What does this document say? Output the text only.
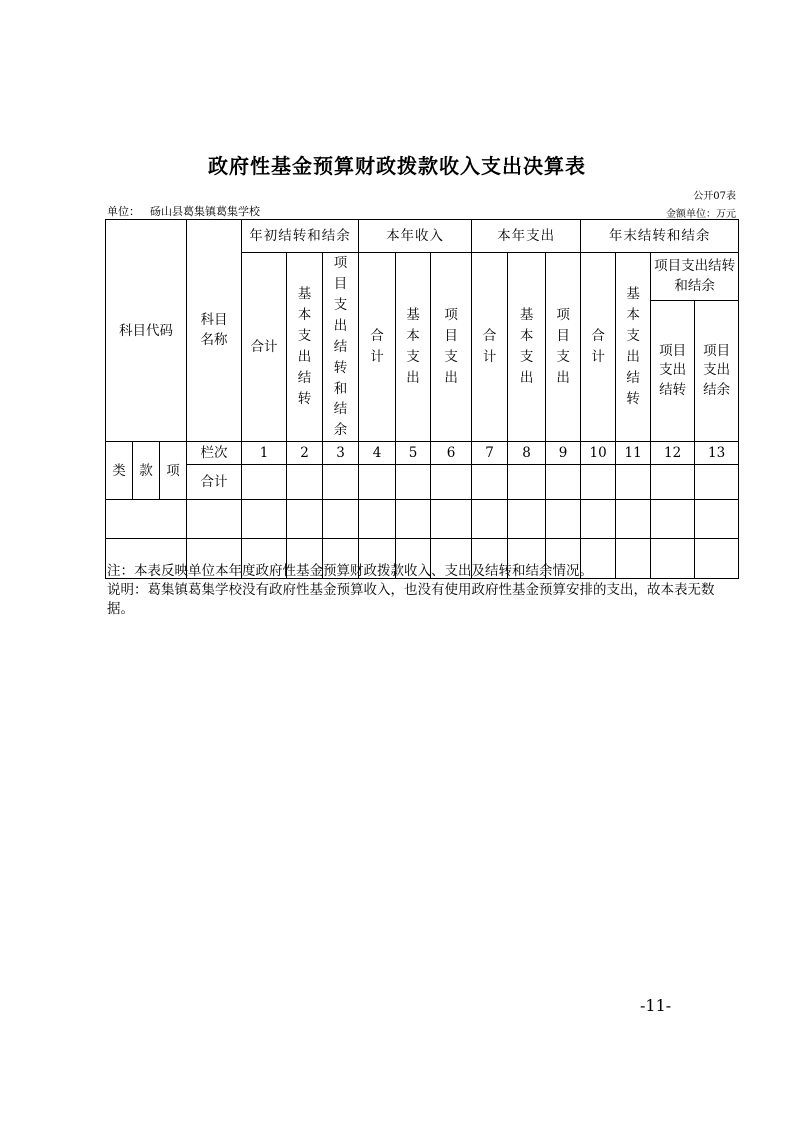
政府性基金预算财政拨款收入支出决算表
公开07表
单位： 砀山县葛集镇葛集学校	金额单位：万元
科目代码			科目名称	年初结转和结余			本年收入			本年支出			年末结转和结余			
				合计	基本支出结转	项目支出结转和结余	合计	基本支出	项目支出	合计	基本支出	项目支出	合计	基本支出结转	项目支出结转和结余	
															项目支出结转	项目支出结余
类	款	项	栏次	1	2	3	4	5	6	7	8	9	10	11	12	13
			合计													

注：本表反映单位本年度政府性基金预算财政拨款收入、支出及结转和结余情况。

说明：葛集镇葛集学校没有政府性基金预算收入，也没有使用政府性基金预算安排的支出，故本表无数据。

-11-
